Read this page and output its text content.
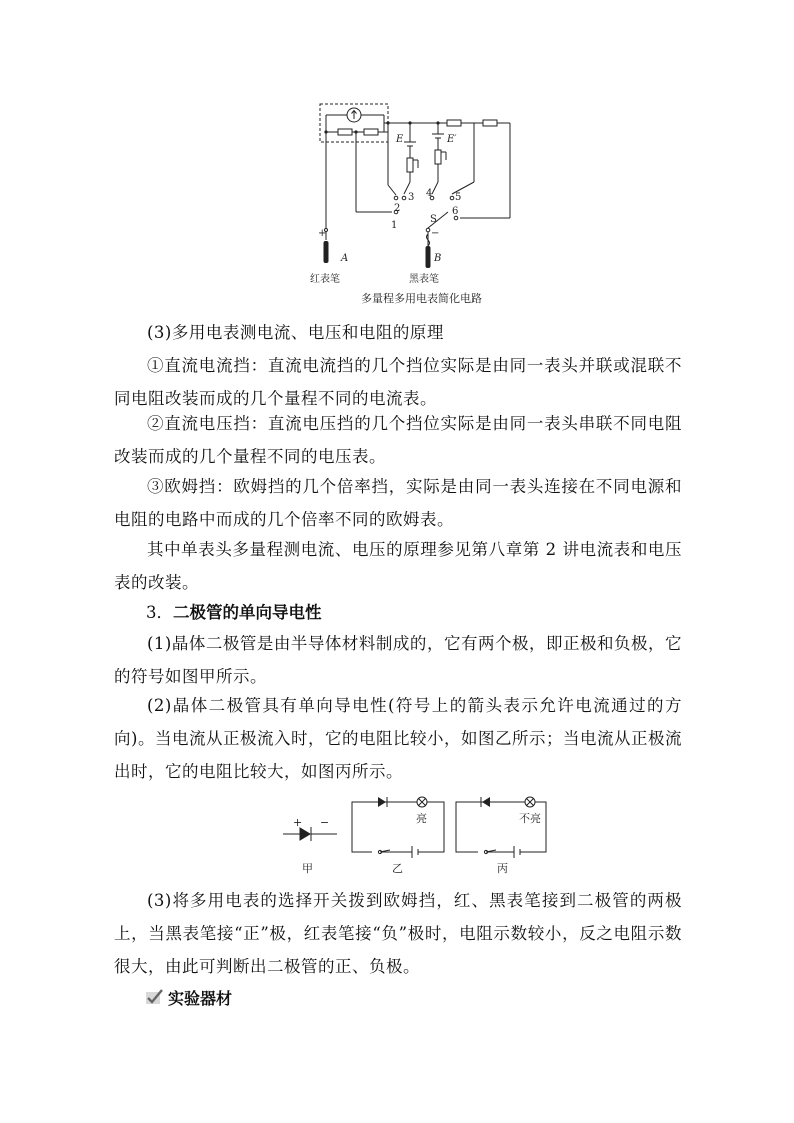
E	E′
S
A	B
1
2
3 4 5
6
+	−
红表笔	黑表笔
多量程多用电表简化电路
(3)多用电表测电流、电压和电阻的原理
①直流电流挡：直流电流挡的几个挡位实际是由同一表头并联或混联不同电阻改装而成的几个量程不同的电流表。
②直流电压挡：直流电压挡的几个挡位实际是由同一表头串联不同电阻改装而成的几个量程不同的电压表。
③欧姆挡：欧姆挡的几个倍率挡，实际是由同一表头连接在不同电源和电阻的电路中而成的几个倍率不同的欧姆表。
其中单表头多量程测电流、电压的原理参见第八章第 2 讲电流表和电压表的改装。
3．二极管的单向导电性
(1)晶体二极管是由半导体材料制成的，它有两个极，即正极和负极，它的符号如图甲所示。
(2)晶体二极管具有单向导电性(符号上的箭头表示允许电流通过的方向)。当电流从正极流入时，它的电阻比较小，如图乙所示；当电流从正极流出时，它的电阻比较大，如图丙所示。
+ −	亮	不亮
甲	乙	丙
(3)将多用电表的选择开关拨到欧姆挡，红、黑表笔接到二极管的两极上，当黑表笔接“正”极，红表笔接“负”极时，电阻示数较小，反之电阻示数很大，由此可判断出二极管的正、负极。
实验器材
